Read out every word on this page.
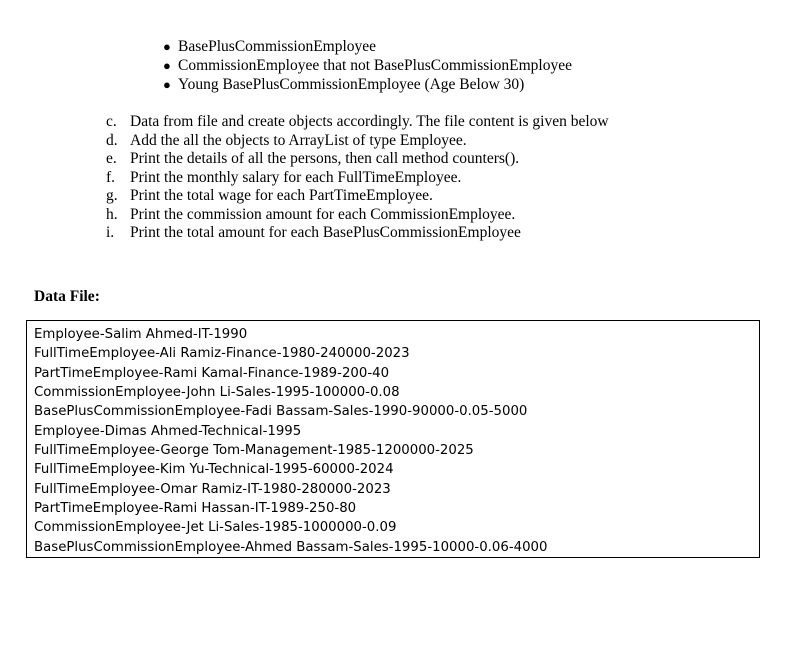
● BasePlusCommissionEmployee
● CommissionEmployee that not BasePlusCommissionEmployee
● Young BasePlusCommissionEmployee (Age Below 30)
c. Data from file and create objects accordingly. The file content is given below
d. Add the all the objects to ArrayList of type Employee.
e. Print the details of all the persons, then call method counters().
f. Print the monthly salary for each FullTimeEmployee.
g. Print the total wage for each PartTimeEmployee.
h. Print the commission amount for each CommissionEmployee.
i.	Print the total amount for each BasePlusCommissionEmployee
Data File:
Employee-Salim Ahmed-IT-1990
FullTimeEmployee-Ali Ramiz-Finance-1980-240000-2023
PartTimeEmployee-Rami Kamal-Finance-1989-200-40
CommissionEmployee-John Li-Sales-1995-100000-0.08
BasePlusCommissionEmployee-Fadi Bassam-Sales-1990-90000-0.05-5000
Employee-Dimas Ahmed-Technical-1995
FullTimeEmployee-George Tom-Management-1985-1200000-2025
FullTimeEmployee-Kim Yu-Technical-1995-60000-2024
FullTimeEmployee-Omar Ramiz-IT-1980-280000-2023
PartTimeEmployee-Rami Hassan-IT-1989-250-80
CommissionEmployee-Jet Li-Sales-1985-1000000-0.09
BasePlusCommissionEmployee-Ahmed Bassam-Sales-1995-10000-0.06-4000
